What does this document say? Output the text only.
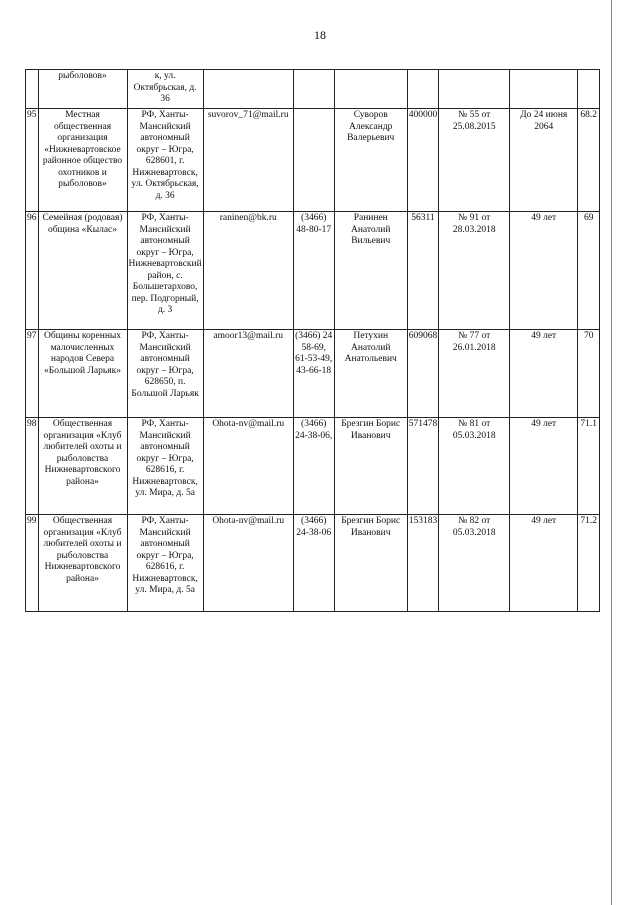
18
	рыболовов»	к, ул. Октябрьская, д. 36							
95	Местная общественная организация «Нижневартовское районное общество охотников и рыболовов»	РФ, Ханты-Мансийский автономный округ – Югра, 628601, г. Нижневартовск, ул. Октябрьская, д. 36	suvorov_71@mail.ru		Суворов Александр Валерьевич	400000	№ 55 от 25.08.2015	До 24 июня 2064	68.2
96	Семейная (родовая) община «Кылас»	РФ, Ханты-Мансийский автономный округ – Югра, Нижневартовский район, с. Большетархово, пер. Подгорный, д. 3	raninen@bk.ru	(3466) 48-80-17	Ранинен Анатолий Вильевич	56311	№ 91 от 28.03.2018	49 лет	69
97	Общины коренных малочисленных народов Севера «Большой Ларьяк»	РФ, Ханты-Мансийский автономный округ – Югра, 628650, п. Большой Ларьяк	amoor13@mail.ru	(3466) 24 58-69, 61-53-49, 43-66-18	Петухин Анатолий Анатольевич	609068	№ 77 от 26.01.2018	49 лет	70
98	Общественная организация «Клуб любителей охоты и рыболовства Нижневартовского района»	РФ, Ханты-Мансийский автономный округ – Югра, 628616, г. Нижневартовск, ул. Мира, д. 5а	Ohota-nv@mail.ru	(3466) 24-38-06,	Брезгин Борис Иванович	571478	№ 81 от 05.03.2018	49 лет	71.1
99	Общественная организация «Клуб любителей охоты и рыболовства Нижневартовского района»	РФ, Ханты-Мансийский автономный округ – Югра, 628616, г. Нижневартовск, ул. Мира, д. 5а	Ohota-nv@mail.ru	(3466) 24-38-06	Брезгин Борис Иванович	153183	№ 82 от 05.03.2018	49 лет	71.2
